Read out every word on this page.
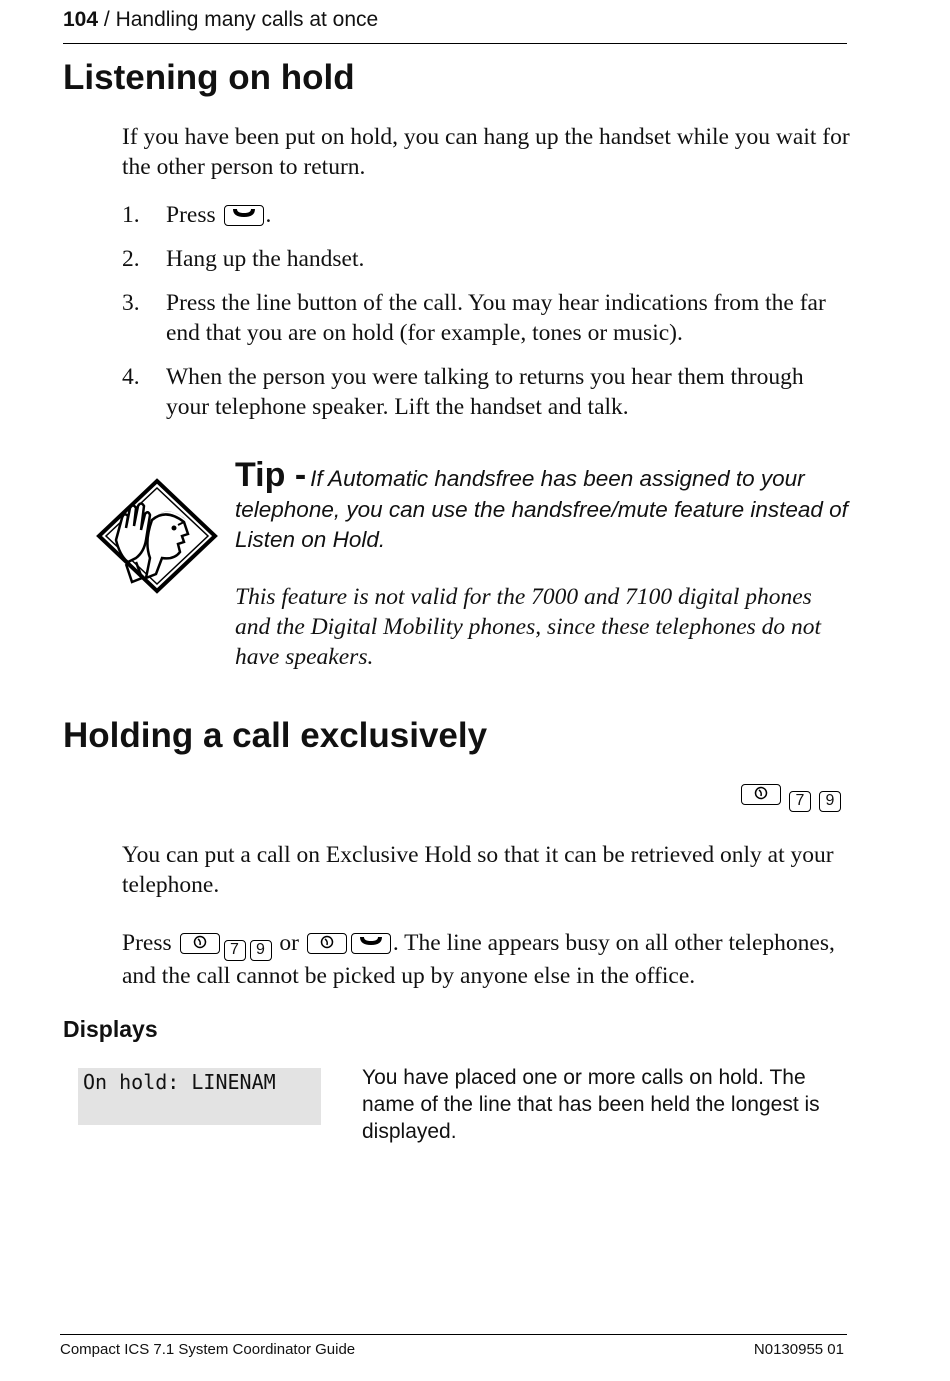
104 / Handling many calls at once
Listening on hold
If you have been put on hold, you can hang up the handset while you wait for the other person to return.
1. Press .
2. Hang up the handset.
3. Press the line button of the call. You may hear indications from the far end that you are on hold (for example, tones or music).
4. When the person you were talking to returns you hear them through your telephone speaker. Lift the handset and talk.
Tip - If Automatic handsfree has been assigned to your telephone, you can use the handsfree/mute feature instead of Listen on Hold.
This feature is not valid for the 7000 and 7100 digital phones and the Digital Mobility phones, since these telephones do not have speakers.
Holding a call exclusively
7 9
You can put a call on Exclusive Hold so that it can be retrieved only at your telephone.
Press	7 9 or	. The line appears busy on all other telephones, and the call cannot be picked up by anyone else in the office.
Displays
On hold: LINENAM	You have placed one or more calls on hold. The name of the line that has been held the longest is displayed.
Compact ICS 7.1 System Coordinator Guide	N0130955 01
